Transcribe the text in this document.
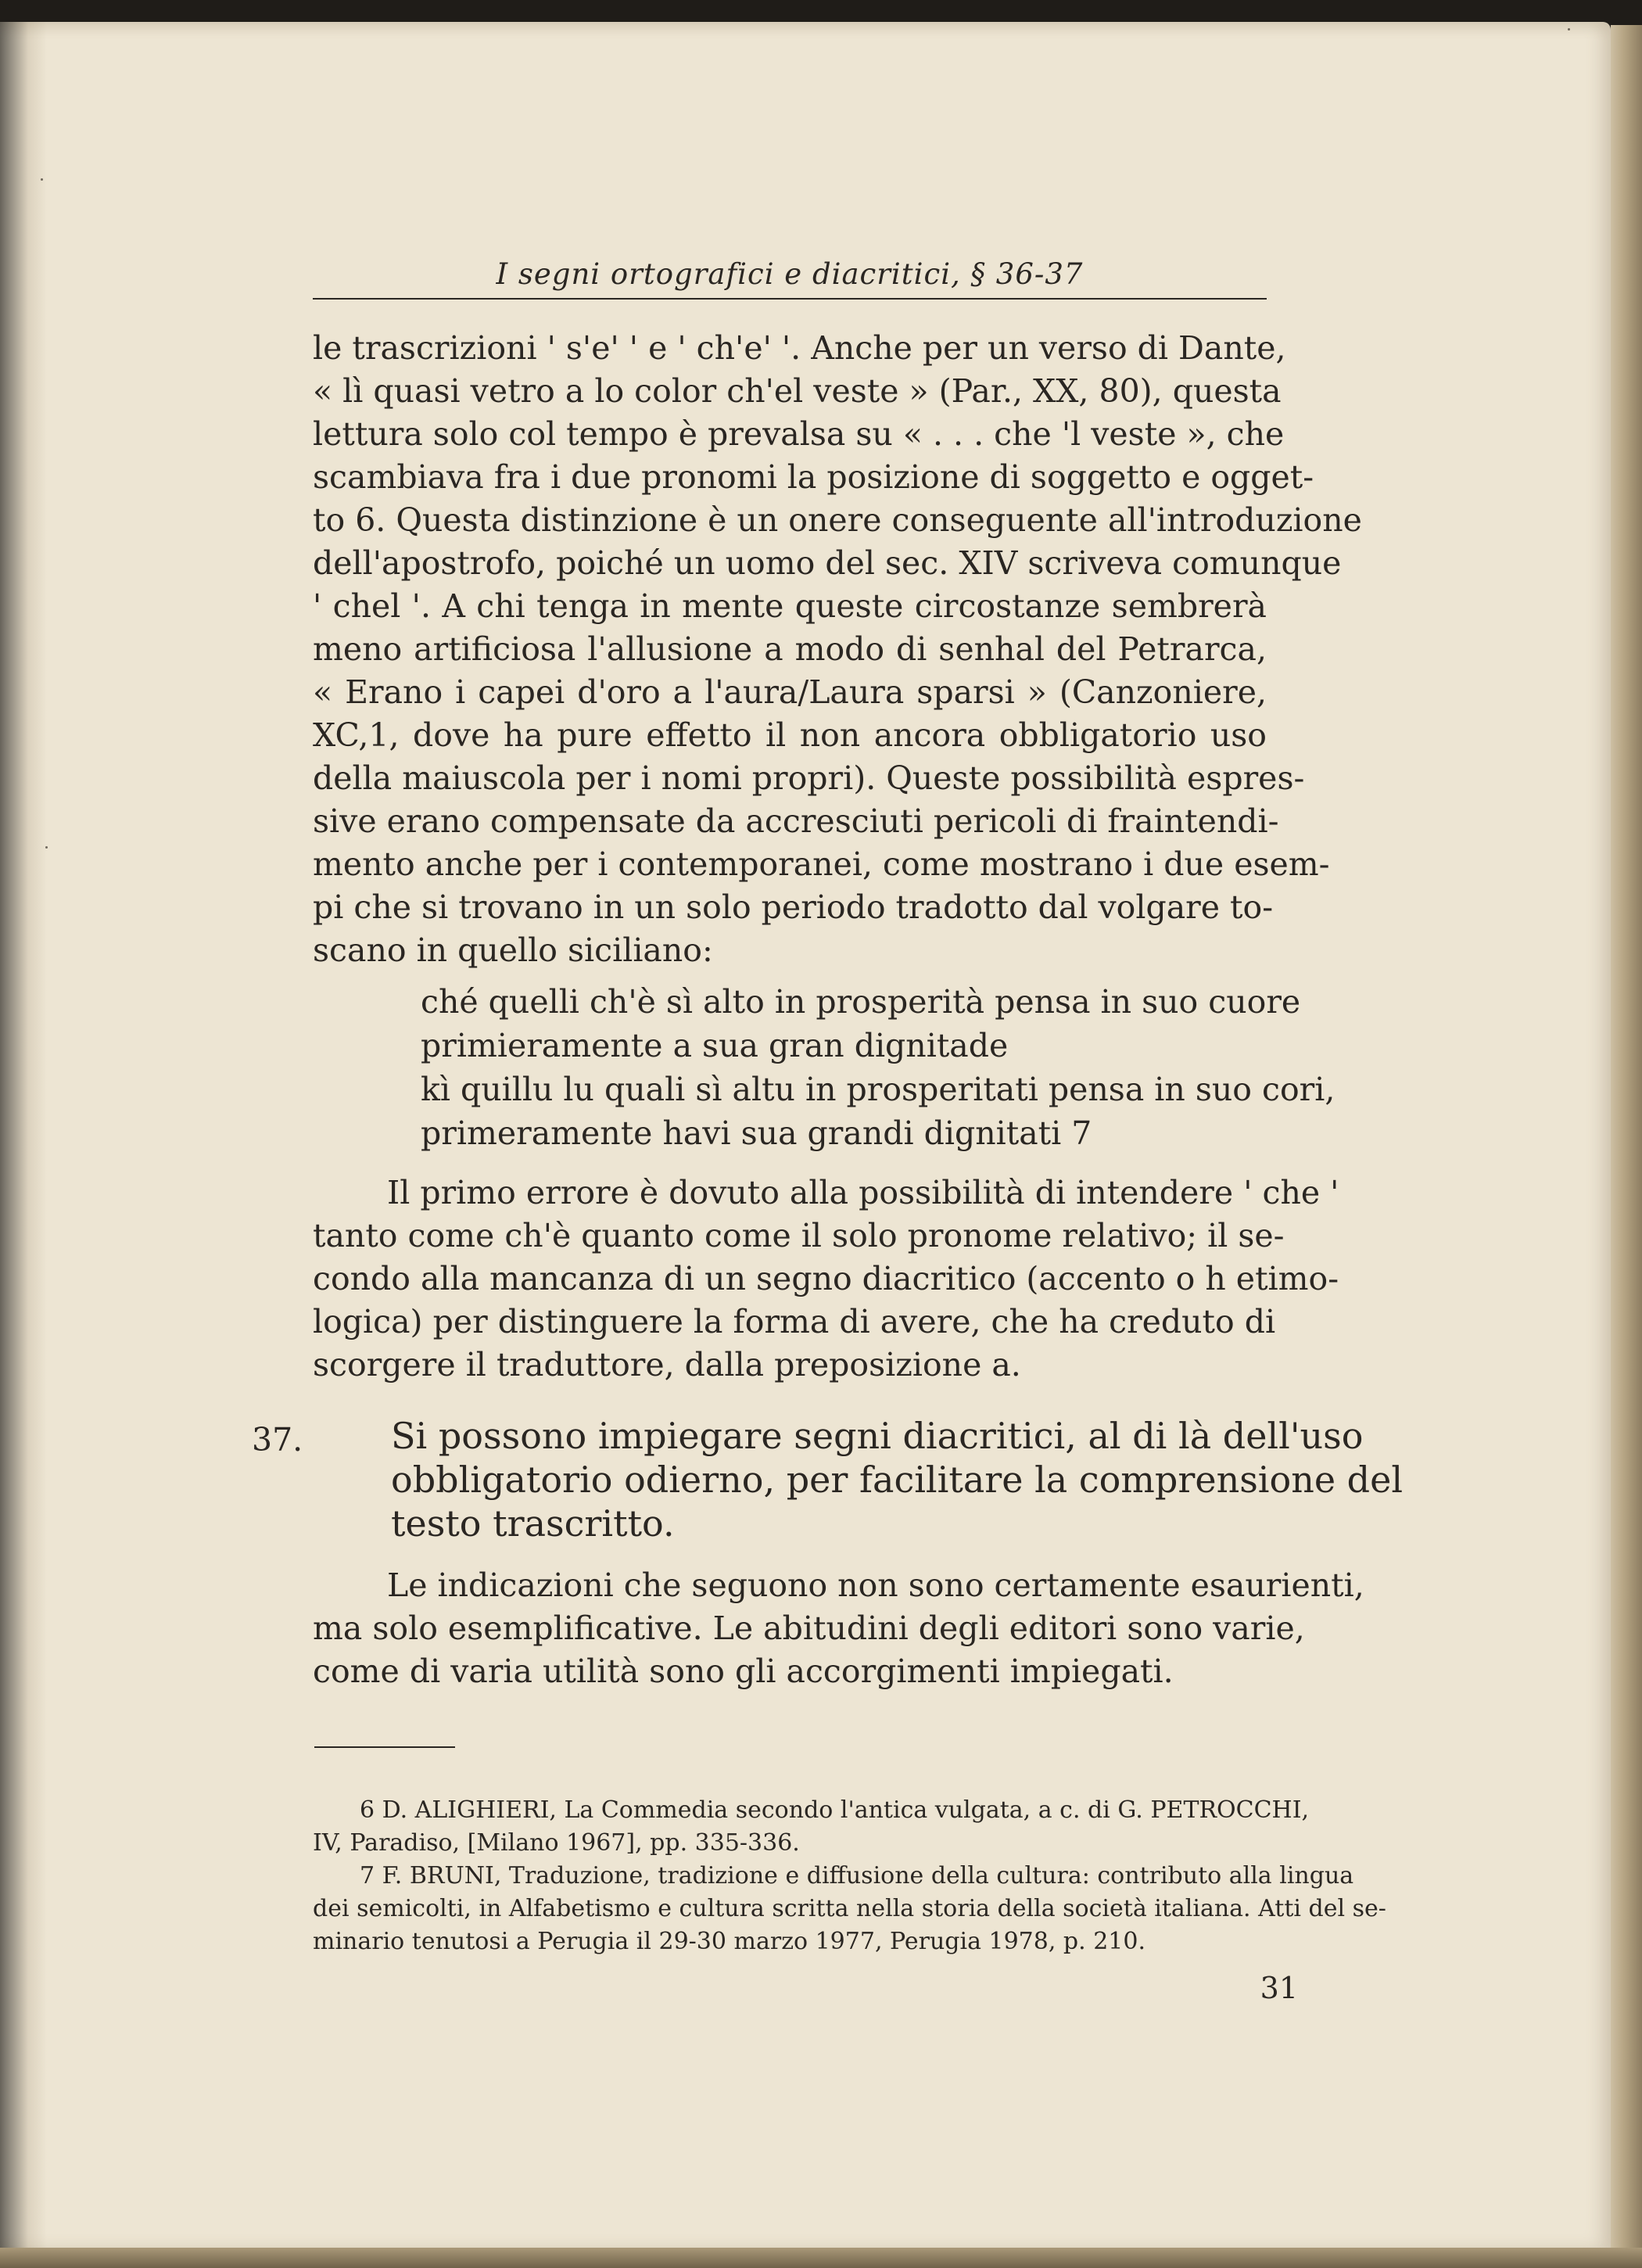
I segni ortografici e diacritici, § 36-37
le trascrizioni ' s'e' ' e ' ch'e' '. Anche per un verso di Dante,
« lì quasi vetro a lo color ch'el veste » (Par., XX, 80), questa
lettura solo col tempo è prevalsa su « . . . che 'l veste », che
scambiava fra i due pronomi la posizione di soggetto e ogget-
to 6. Questa distinzione è un onere conseguente all'introduzione
dell'apostrofo, poiché un uomo del sec. XIV scriveva comunque
' chel '. A chi tenga in mente queste circostanze sembrerà
meno artificiosa l'allusione a modo di senhal del Petrarca,
« Erano i capei d'oro a l'aura/Laura sparsi » (Canzoniere,
XC,1, dove ha pure effetto il non ancora obbligatorio uso
della maiuscola per i nomi propri). Queste possibilità espres-
sive erano compensate da accresciuti pericoli di fraintendi-
mento anche per i contemporanei, come mostrano i due esem-
pi che si trovano in un solo periodo tradotto dal volgare to-
scano in quello siciliano:
ché quelli ch'è sì alto in prosperità pensa in suo cuore
primieramente a sua gran dignitade
kì quillu lu quali sì altu in prosperitati pensa in suo cori,
primeramente havi sua grandi dignitati 7
Il primo errore è dovuto alla possibilità di intendere ' che '
tanto come ch'è quanto come il solo pronome relativo; il se-
condo alla mancanza di un segno diacritico (accento o h etimo-
logica) per distinguere la forma di avere, che ha creduto di
scorgere il traduttore, dalla preposizione a.
37. Si possono impiegare segni diacritici, al di là dell'uso
obbligatorio odierno, per facilitare la comprensione del
testo trascritto.
Le indicazioni che seguono non sono certamente esaurienti,
ma solo esemplificative. Le abitudini degli editori sono varie,
come di varia utilità sono gli accorgimenti impiegati.
6 D. ALIGHIERI, La Commedia secondo l'antica vulgata, a c. di G. PETROCCHI,
IV, Paradiso, [Milano 1967], pp. 335-336.
7 F. BRUNI, Traduzione, tradizione e diffusione della cultura: contributo alla lingua
dei semicolti, in Alfabetismo e cultura scritta nella storia della società italiana. Atti del se-
minario tenutosi a Perugia il 29-30 marzo 1977, Perugia 1978, p. 210.
31
